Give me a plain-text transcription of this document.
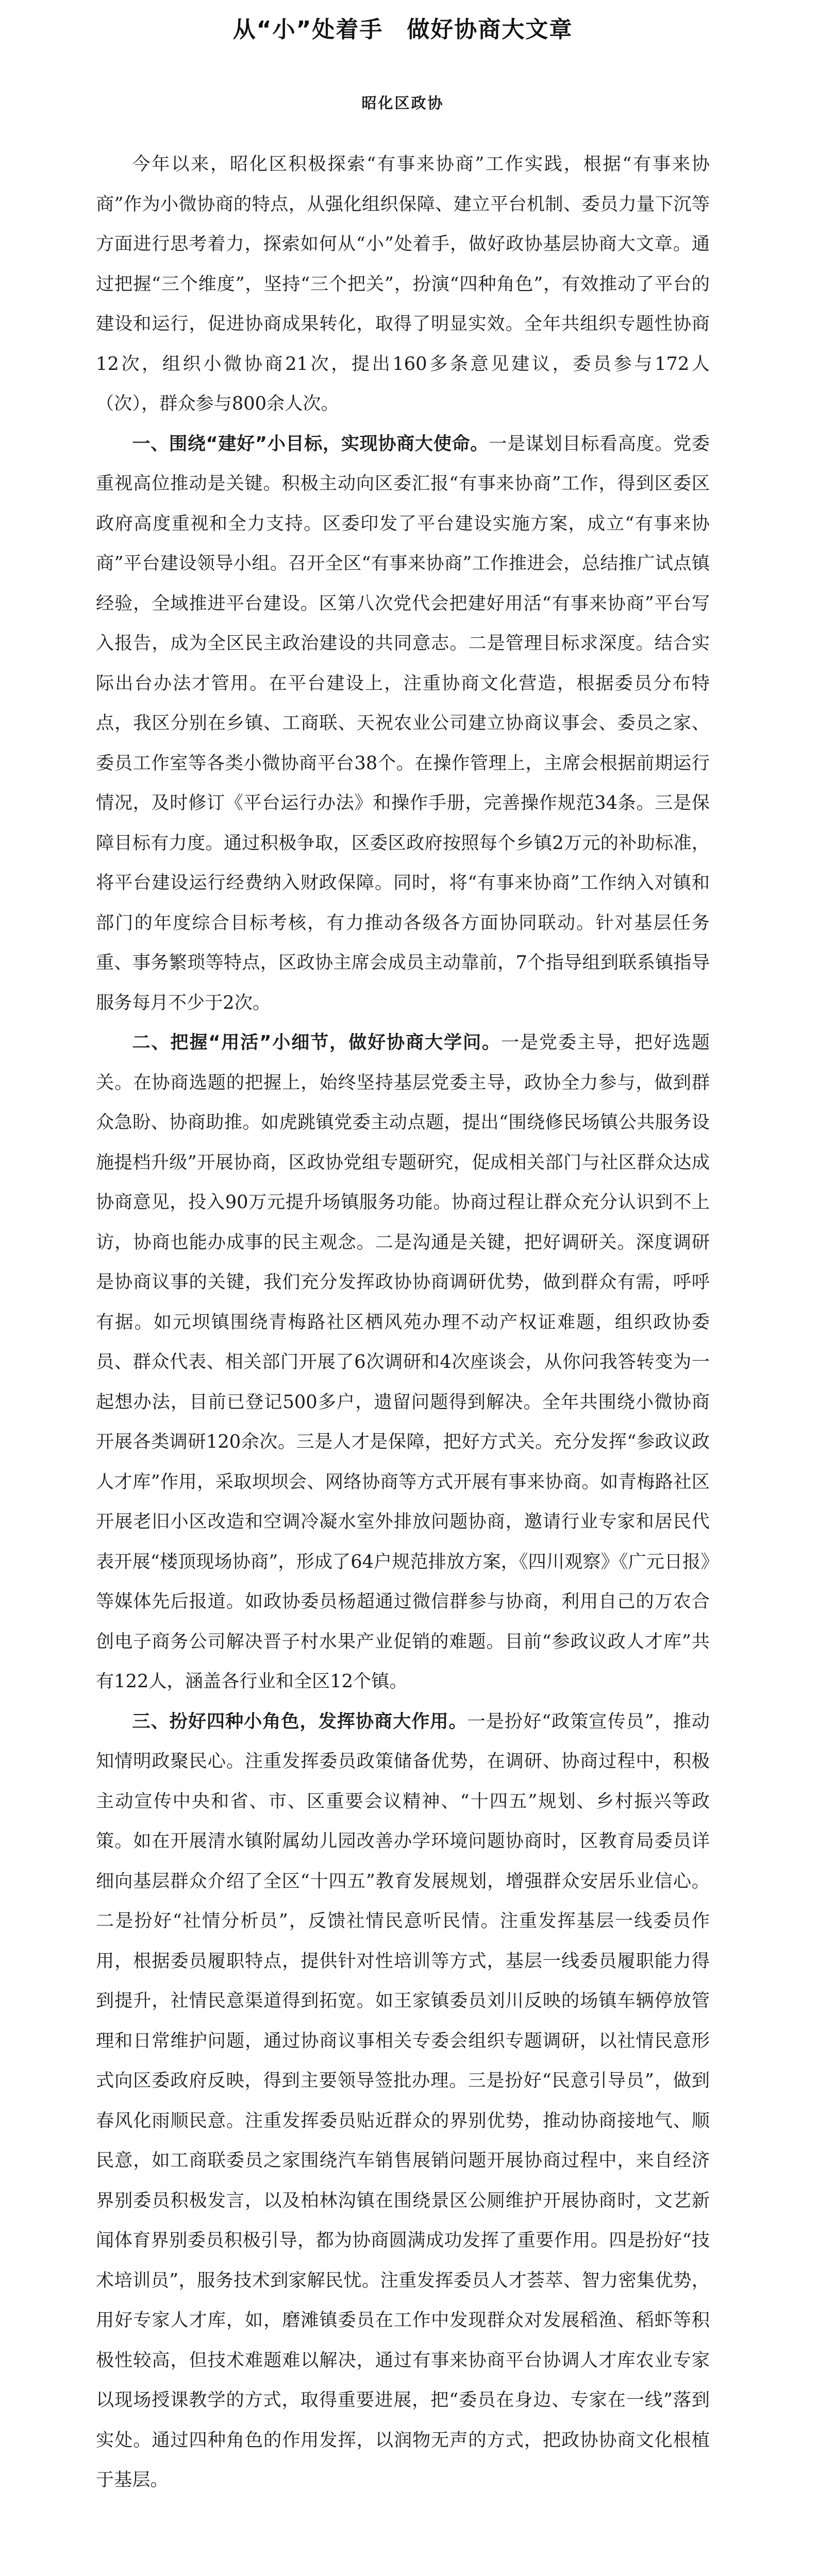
从“小”处着手　做好协商大文章
昭化区政协

今年以来，昭化区积极探索“有事来协商”工作实践，根据“有事来协商”作为小微协商的特点，从强化组织保障、建立平台机制、委员力量下沉等方面进行思考着力，探索如何从“小”处着手，做好政协基层协商大文章。通过把握“三个维度”，坚持“三个把关”，扮演“四种角色”，有效推动了平台的建设和运行，促进协商成果转化，取得了明显实效。全年共组织专题性协商12次，组织小微协商21次，提出160多条意见建议，委员参与172人（次），群众参与800余人次。

一、围绕“建好”小目标，实现协商大使命。一是谋划目标看高度。党委重视高位推动是关键。积极主动向区委汇报“有事来协商”工作，得到区委区政府高度重视和全力支持。区委印发了平台建设实施方案，成立“有事来协商”平台建设领导小组。召开全区“有事来协商”工作推进会，总结推广试点镇经验，全域推进平台建设。区第八次党代会把建好用活“有事来协商”平台写入报告，成为全区民主政治建设的共同意志。二是管理目标求深度。结合实际出台办法才管用。在平台建设上，注重协商文化营造，根据委员分布特点，我区分别在乡镇、工商联、天祝农业公司建立协商议事会、委员之家、委员工作室等各类小微协商平台38个。在操作管理上，主席会根据前期运行情况，及时修订《平台运行办法》和操作手册，完善操作规范34条。三是保障目标有力度。通过积极争取，区委区政府按照每个乡镇2万元的补助标准，将平台建设运行经费纳入财政保障。同时，将“有事来协商”工作纳入对镇和部门的年度综合目标考核，有力推动各级各方面协同联动。针对基层任务重、事务繁琐等特点，区政协主席会成员主动靠前，7个指导组到联系镇指导服务每月不少于2次。

二、把握“用活”小细节，做好协商大学问。一是党委主导，把好选题关。在协商选题的把握上，始终坚持基层党委主导，政协全力参与，做到群众急盼、协商助推。如虎跳镇党委主动点题，提出“围绕修民场镇公共服务设施提档升级”开展协商，区政协党组专题研究，促成相关部门与社区群众达成协商意见，投入90万元提升场镇服务功能。协商过程让群众充分认识到不上访，协商也能办成事的民主观念。二是沟通是关键，把好调研关。深度调研是协商议事的关键，我们充分发挥政协协商调研优势，做到群众有需，呼呼有据。如元坝镇围绕青梅路社区栖风苑办理不动产权证难题，组织政协委员、群众代表、相关部门开展了6次调研和4次座谈会，从你问我答转变为一起想办法，目前已登记500多户，遗留问题得到解决。全年共围绕小微协商开展各类调研120余次。三是人才是保障，把好方式关。充分发挥“参政议政人才库”作用，采取坝坝会、网络协商等方式开展有事来协商。如青梅路社区开展老旧小区改造和空调冷凝水室外排放问题协商，邀请行业专家和居民代表开展“楼顶现场协商”，形成了64户规范排放方案，《四川观察》《广元日报》等媒体先后报道。如政协委员杨超通过微信群参与协商，利用自己的万农合创电子商务公司解决晋子村水果产业促销的难题。目前“参政议政人才库”共有122人，涵盖各行业和全区12个镇。

三、扮好四种小角色，发挥协商大作用。一是扮好“政策宣传员”，推动知情明政聚民心。注重发挥委员政策储备优势，在调研、协商过程中，积极主动宣传中央和省、市、区重要会议精神、“十四五”规划、乡村振兴等政策。如在开展清水镇附属幼儿园改善办学环境问题协商时，区教育局委员详细向基层群众介绍了全区“十四五”教育发展规划，增强群众安居乐业信心。二是扮好“社情分析员”，反馈社情民意听民情。注重发挥基层一线委员作用，根据委员履职特点，提供针对性培训等方式，基层一线委员履职能力得到提升，社情民意渠道得到拓宽。如王家镇委员刘川反映的场镇车辆停放管理和日常维护问题，通过协商议事相关专委会组织专题调研，以社情民意形式向区委政府反映，得到主要领导签批办理。三是扮好“民意引导员”，做到春风化雨顺民意。注重发挥委员贴近群众的界别优势，推动协商接地气、顺民意，如工商联委员之家围绕汽车销售展销问题开展协商过程中，来自经济界别委员积极发言，以及柏林沟镇在围绕景区公厕维护开展协商时，文艺新闻体育界别委员积极引导，都为协商圆满成功发挥了重要作用。四是扮好“技术培训员”，服务技术到家解民忧。注重发挥委员人才荟萃、智力密集优势，用好专家人才库，如，磨滩镇委员在工作中发现群众对发展稻渔、稻虾等积极性较高，但技术难题难以解决，通过有事来协商平台协调人才库农业专家以现场授课教学的方式，取得重要进展，把“委员在身边、专家在一线”落到实处。通过四种角色的作用发挥，以润物无声的方式，把政协协商文化根植于基层。
